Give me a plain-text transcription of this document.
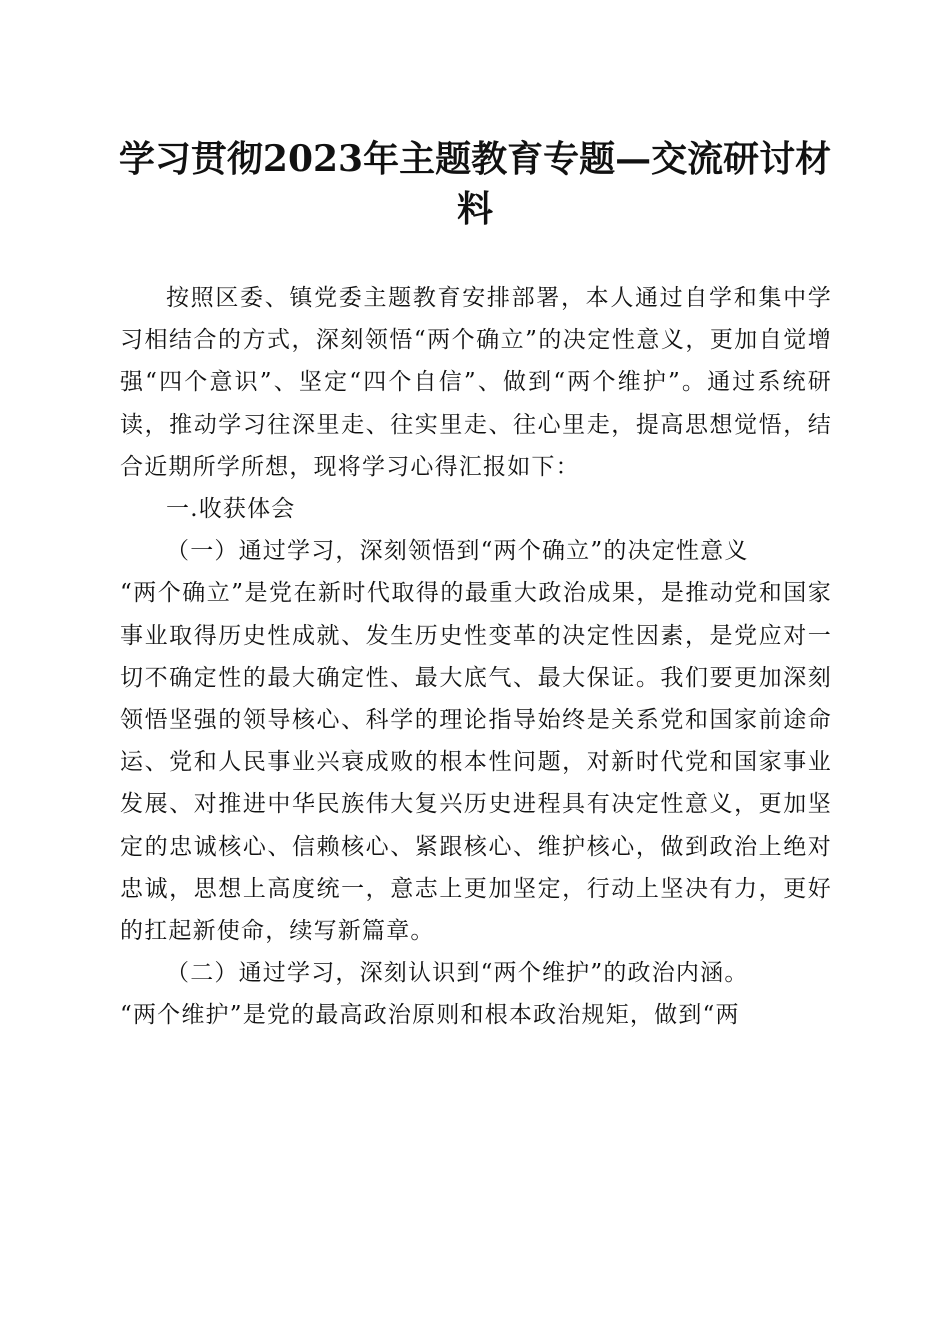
学习贯彻2023年主题教育专题—交流研讨材料

按照区委、镇党委主题教育安排部署，本人通过自学和集中学习相结合的方式，深刻领悟“两个确立”的决定性意义，更加自觉增强“四个意识”、坚定“四个自信”、做到“两个维护”。通过系统研读，推动学习往深里走、往实里走、往心里走，提高思想觉悟，结合近期所学所想，现将学习心得汇报如下：

一.收获体会

（一）通过学习，深刻领悟到“两个确立”的决定性意义

“两个确立”是党在新时代取得的最重大政治成果，是推动党和国家事业取得历史性成就、发生历史性变革的决定性因素，是党应对一切不确定性的最大确定性、最大底气、最大保证。我们要更加深刻领悟坚强的领导核心、科学的理论指导始终是关系党和国家前途命运、党和人民事业兴衰成败的根本性问题，对新时代党和国家事业发展、对推进中华民族伟大复兴历史进程具有决定性意义，更加坚定的忠诚核心、信赖核心、紧跟核心、维护核心，做到政治上绝对忠诚，思想上高度统一，意志上更加坚定，行动上坚决有力，更好的扛起新使命，续写新篇章。

（二）通过学习，深刻认识到“两个维护”的政治内涵。

“两个维护”是党的最高政治原则和根本政治规矩，做到“两
